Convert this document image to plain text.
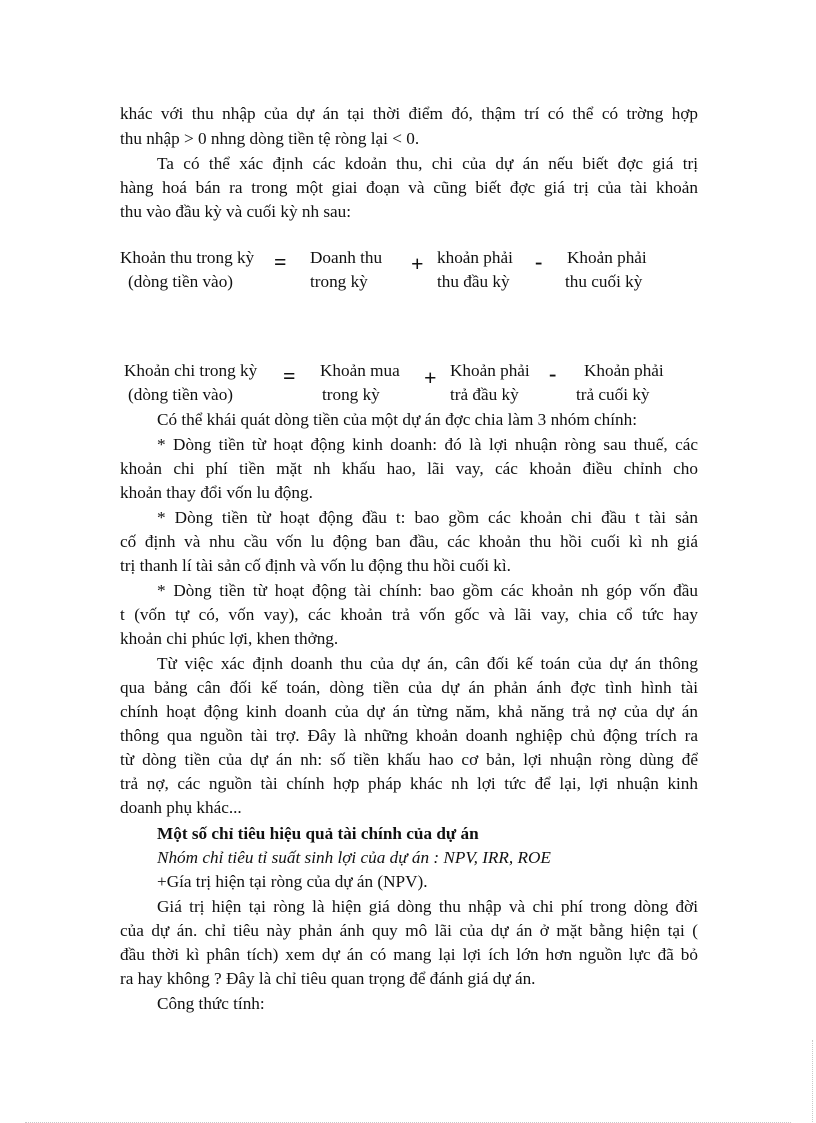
khác với thu nhập của dự án tại thời điểm đó, thậm trí có thể có trờng hợp
thu nhập > 0 nhng dòng tiền tệ ròng lại < 0.
Ta có thể xác định các kdoản thu, chi của dự án nếu biết đợc giá trị
hàng hoá bán ra trong một giai đoạn và cũng biết đợc giá trị của tài khoản
thu vào đầu kỳ và cuối kỳ nh sau:
Khoản thu trong kỳ
(dòng tiền vào)
= Doanh thu
trong kỳ
+ khoản phải
thu đầu kỳ
- Khoản phải
thu cuối kỳ
Khoản chi trong kỳ
(dòng tiền vào)
= Khoản mua
trong kỳ
+ Khoản phải
trả đầu kỳ
- Khoản phải
trả cuối kỳ
Có thể khái quát dòng tiền của một dự án đợc chia làm 3 nhóm chính:
* Dòng tiền từ hoạt động kinh doanh: đó là lợi nhuận ròng sau thuế, các
khoản chi phí tiền mặt nh khấu hao, lãi vay, các khoản điều chỉnh cho
khoản thay đổi vốn lu động.
* Dòng tiền từ hoạt động đầu t: bao gồm các khoản chi đầu t tài sản
cố định và nhu cầu vốn lu động ban đầu, các khoản thu hồi cuối kì nh giá
trị thanh lí tài sản cố định và vốn lu động thu hồi cuối kì.
* Dòng tiền từ hoạt động tài chính: bao gồm các khoản nh góp vốn đầu
t (vốn tự có, vốn vay), các khoản trả vốn gốc và lãi vay, chia cổ tức hay
khoản chi phúc lợi, khen thởng.
Từ việc xác định doanh thu của dự án, cân đối kế toán của dự án thông
qua bảng cân đối kế toán, dòng tiền của dự án phản ánh đợc tình hình tài
chính hoạt động kinh doanh của dự án từng năm, khả năng trả nợ của dự án
thông qua nguồn tài trợ. Đây là những khoản doanh nghiệp chủ động trích ra
từ dòng tiền của dự án nh: số tiền khấu hao cơ bản, lợi nhuận ròng dùng để
trả nợ, các nguồn tài chính hợp pháp khác nh lợi tức để lại, lợi nhuận kinh
doanh phụ khác...
Một số chỉ tiêu hiệu quả tài chính của dự án
Nhóm chỉ tiêu tỉ suất sinh lợi của dự án : NPV, IRR, ROE
+Gía trị hiện tại ròng của dự án (NPV).
Giá trị hiện tại ròng là hiện giá dòng thu nhập và chi phí trong dòng đời
của dự án. chỉ tiêu này phản ánh quy mô lãi của dự án ở mặt bằng hiện tại (
đầu thời kì phân tích) xem dự án có mang lại lợi ích lớn hơn nguồn lực đã bỏ
ra hay không ? Đây là chỉ tiêu quan trọng để đánh giá dự án.
Công thức tính:
